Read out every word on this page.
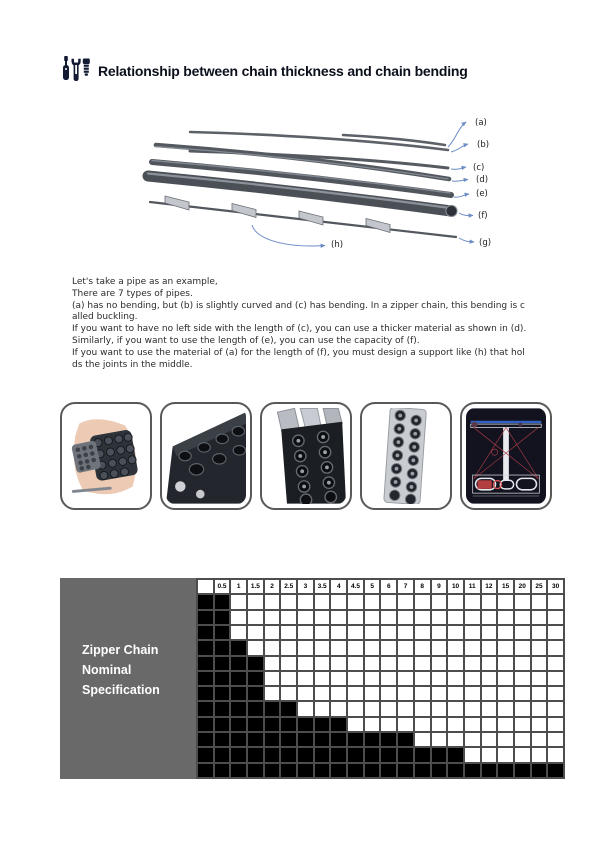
Relationship between chain thickness and chain bending
(a)
(b)
(c)
(d)
(e)
(f)
(g)
(h)
Let's take a pipe as an example,
There are 7 types of pipes.
(a) has no bending, but (b) is slightly curved and (c) has bending. In a zipper chain, this bending is c
alled buckling.
If you want to have no left side with the length of (c), you can use a thicker material as shown in (d).
Similarly, if you want to use the length of (e), you can use the capacity of (f).
If you want to use the material of (a) for the length of (f), you must design a support like (h) that hol
ds the joints in the middle.
Zipper Chain
Nominal
Specification
0.5	1	1.5	2	2.5	3	3.5	4	4.5	5	6	7	8	9	10	11	12	15	20	25	30
